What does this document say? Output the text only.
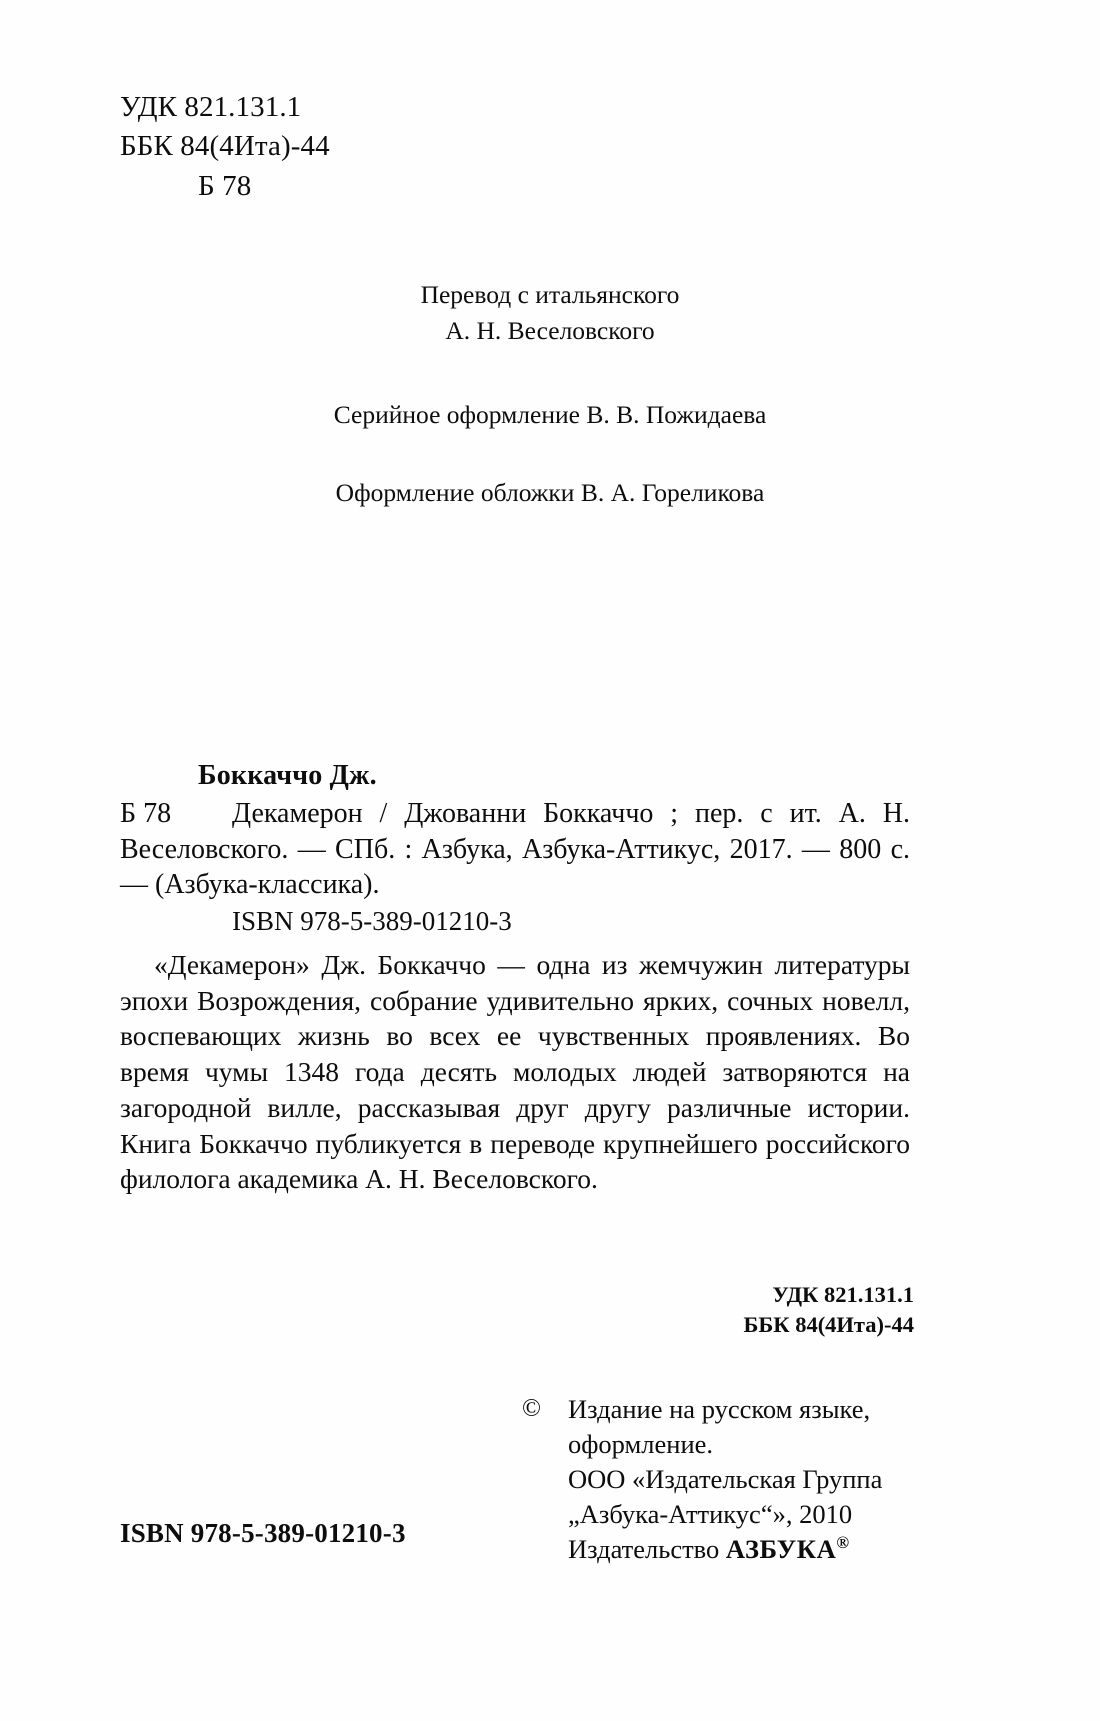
УДК 821.131.1
ББК 84(4Ита)-44
Б 78
Перевод с итальянского
А. Н. Веселовского
Серийное оформление В. В. Пожидаева
Оформление обложки В. А. Гореликова
Боккаччо Дж.
Б 78	Декамерон / Джованни Боккаччо ; пер. с ит. А. Н. Веселовского. — СПб. : Азбука, Азбука-Аттикус, 2017. — 800 с. — (Азбука-классика).
ISBN 978-5-389-01210-3
«Декамерон» Дж. Боккаччо — одна из жемчужин литературы эпохи Возрождения, собрание удивительно ярких, сочных новелл, воспевающих жизнь во всех ее чувственных проявлениях. Во время чумы 1348 года десять молодых людей затворяются на загородной вилле, рассказывая друг другу различные истории. Книга Боккаччо публикуется в переводе крупнейшего российского филолога академика А. Н. Веселовского.
УДК 821.131.1
ББК 84(4Ита)-44
© Издание на русском языке,
оформление.
ООО «Издательская Группа
„Азбука-Аттикус“», 2010
Издательство АЗБУКА®
ISBN 978-5-389-01210-3
